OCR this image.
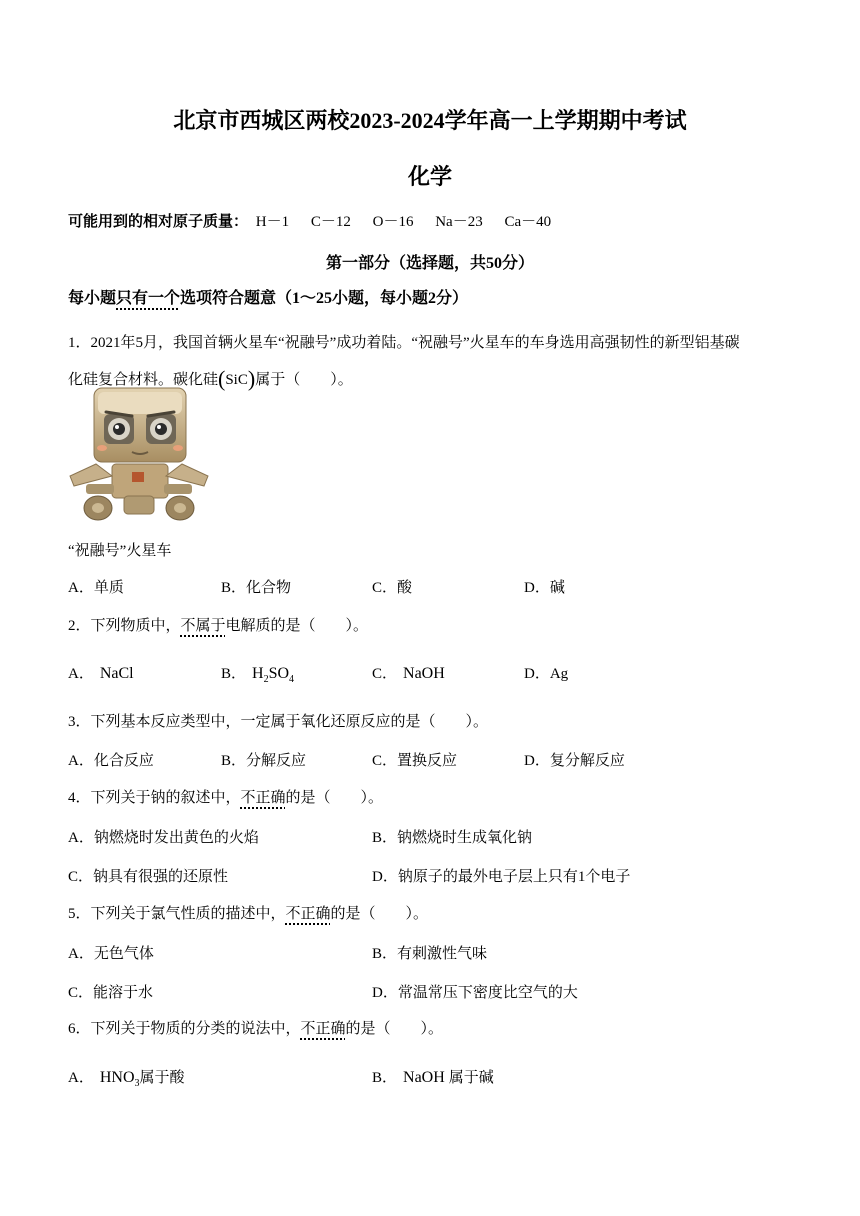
北京市西城区两校2023-2024学年高一上学期期中考试
化学
可能用到的相对原子质量： H－1 C－12 O－16 Na－23 Ca－40
第一部分（选择题，共50分）
每小题只有一个选项符合题意（1～25小题，每小题2分）
1．2021年5月，我国首辆火星车“祝融号”成功着陆。“祝融号”火星车的车身选用高强韧性的新型铝基碳
化硅复合材料。碳化硅(SiC)属于（　　）。
“祝融号”火星车
A．单质	B．化合物	C．酸	D．碱
2．下列物质中，不属于电解质的是（　　）。
A． NaCl	B． $H_2SO_4$	C． NaOH	D．Ag
3．下列基本反应类型中，一定属于氧化还原反应的是（　　）。
A．化合反应	B．分解反应	C．置换反应	D．复分解反应
4．下列关于钠的叙述中，不正确的是（　　）。
A．钠燃烧时发出黄色的火焰	B．钠燃烧时生成氧化钠
C．钠具有很强的还原性	D．钠原子的最外电子层上只有1个电子
5．下列关于氯气性质的描述中，不正确的是（　　）。
A．无色气体	B．有刺激性气味
C．能溶于水	D．常温常压下密度比空气的大
6．下列关于物质的分类的说法中，不正确的是（　　）。
A． $HNO_3$属于酸	B． NaOH 属于碱
